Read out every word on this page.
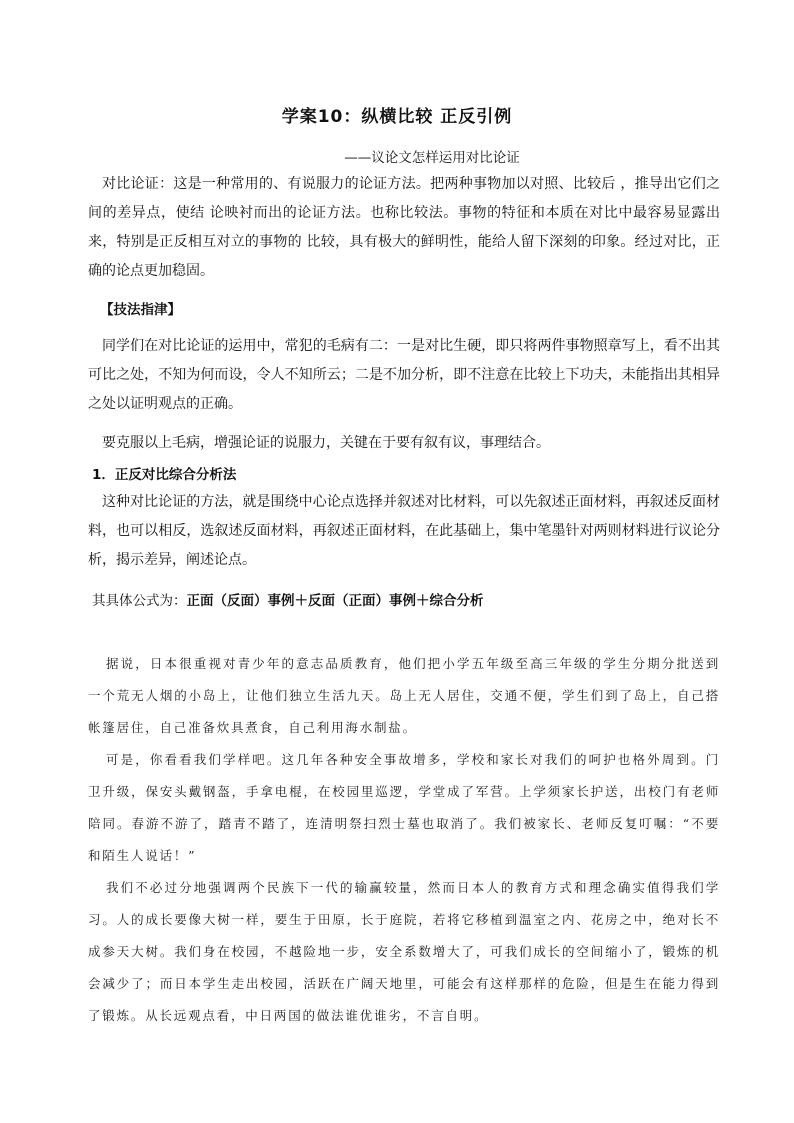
学案10：纵横比较 正反引例
——议论文怎样运用对比论证
对比论证：这是一种常用的、有说服力的论证方法。把两种事物加以对照、比较后 ，推导出它们之间的差异点，使结 论映衬而出的论证方法。也称比较法。事物的特征和本质在对比中最容易显露出来，特别是正反相互对立的事物的 比较，具有极大的鲜明性，能给人留下深刻的印象。经过对比，正确的论点更加稳固。
【技法指津】
同学们在对比论证的运用中，常犯的毛病有二：一是对比生硬，即只将两件事物照章写上，看不出其可比之处，不知为何而设，令人不知所云；二是不加分析，即不注意在比较上下功夫，未能指出其相异之处以证明观点的正确。
要克服以上毛病，增强论证的说服力，关键在于要有叙有议，事理结合。
1．正反对比综合分析法
这种对比论证的方法，就是围绕中心论点选择并叙述对比材料，可以先叙述正面材料，再叙述反面材料，也可以相反，选叙述反面材料，再叙述正面材料，在此基础上，集中笔墨针对两则材料进行议论分析，揭示差异，阐述论点。
其具体公式为：正面（反面）事例＋反面（正面）事例＋综合分析
据说，日本很重视对青少年的意志品质教育，他们把小学五年级至高三年级的学生分期分批送到一个荒无人烟的小岛上，让他们独立生活九天。岛上无人居住，交通不便，学生们到了岛上，自己搭帐篷居住，自己准备炊具煮食，自己利用海水制盐。
可是，你看看我们学样吧。这几年各种安全事故增多，学校和家长对我们的呵护也格外周到。门卫升级，保安头戴钢盔，手拿电棍，在校园里巡逻，学堂成了军营。上学须家长护送，出校门有老师陪同。春游不游了，踏青不踏了，连清明祭扫烈士墓也取消了。我们被家长、老师反复叮嘱：“不要和陌生人说话！”
我们不必过分地强调两个民族下一代的输赢较量，然而日本人的教育方式和理念确实值得我们学习。人的成长要像大树一样，要生于田原，长于庭院，若将它移植到温室之内、花房之中，绝对长不成参天大树。我们身在校园，不越险地一步，安全系数增大了，可我们成长的空间缩小了，锻炼的机会减少了；而日本学生走出校园，活跃在广阔天地里，可能会有这样那样的危险，但是生在能力得到了锻炼。从长远观点看，中日两国的做法谁优谁劣，不言自明。
